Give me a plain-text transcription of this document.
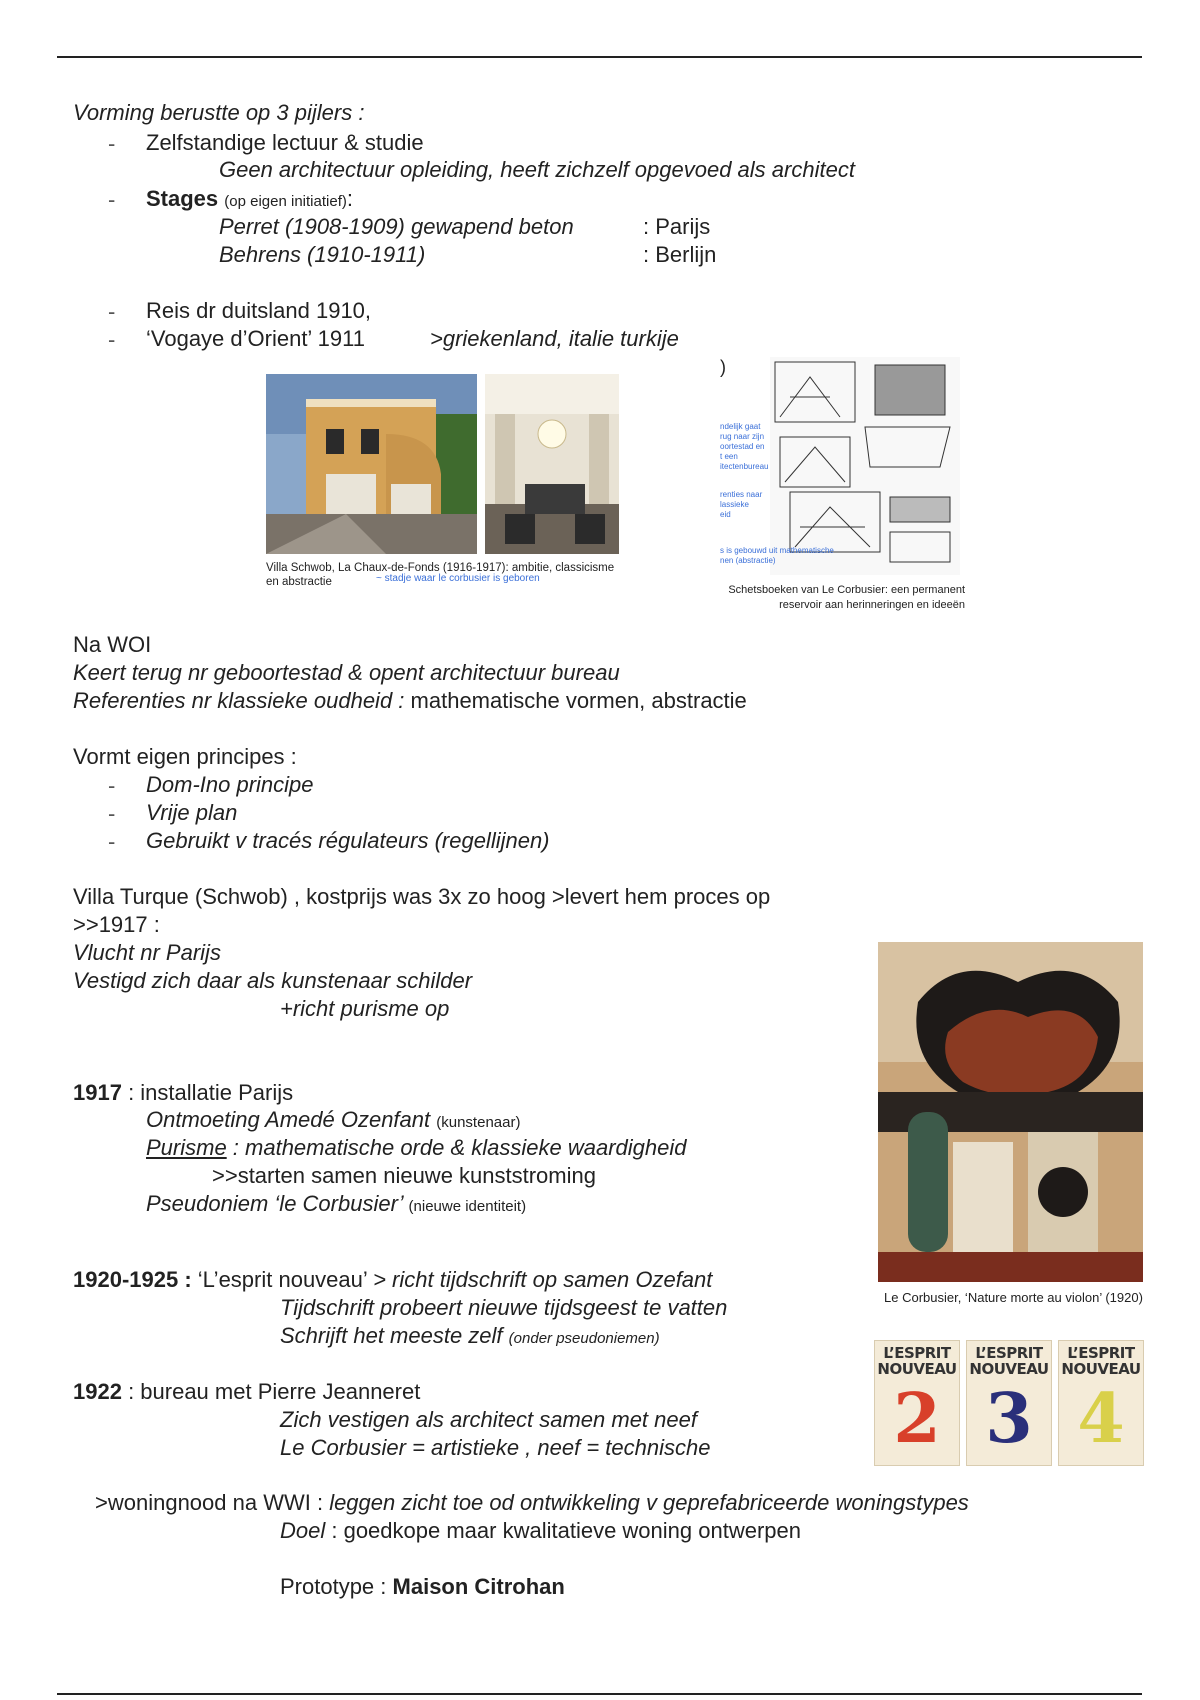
Vorming berustte op 3 pijlers :
- Zelfstandige lectuur & studie
Geen architectuur opleiding, heeft zichzelf opgevoed als architect
- Stages (op eigen initiatief):
Perret (1908-1909) gewapend beton	: Parijs
Behrens (1910-1911)	: Berlijn
- Reis dr duitsland 1910,
- ‘Vogaye d’Orient’ 1911	>griekenland, italie turkije
Villa Schwob, La Chaux-de-Fonds (1916-1917): ambitie, classicisme en abstractie	~ stadje waar le corbusier is geboren
)
ndelijk gaat
rug naar zijn
oortestad en
t een
itectenbureau
renties naar
lassieke
eid
s is gebouwd uit mathematische
nen (abstractie)
Schetsboeken van Le Corbusier: een permanent reservoir aan herinneringen en ideeën
Na WOI
Keert terug nr geboortestad & opent architectuur bureau
Referenties nr klassieke oudheid : mathematische vormen, abstractie
Vormt eigen principes :
- Dom-Ino principe
- Vrije plan
- Gebruikt v tracés régulateurs (regellijnen)
Villa Turque (Schwob) , kostprijs was 3x zo hoog >levert hem proces op
>>1917 :
Vlucht nr Parijs
Vestigd zich daar als kunstenaar schilder
+richt purisme op
Le Corbusier, ‘Nature morte au violon’ (1920)
1917 : installatie Parijs
Ontmoeting Amedé Ozenfant (kunstenaar)
Purisme : mathematische orde & klassieke waardigheid
>>starten samen nieuwe kunststroming
Pseudoniem ‘le Corbusier’ (nieuwe identiteit)
1920-1925 : ‘L’esprit nouveau’ > richt tijdschrift op samen Ozefant
Tijdschrift probeert nieuwe tijdsgeest te vatten
Schrijft het meeste zelf (onder pseudoniemen)
L’ESPRIT NOUVEAU
2
L’ESPRIT NOUVEAU
3
L’ESPRIT NOUVEAU
4
1922 : bureau met Pierre Jeanneret
Zich vestigen als architect samen met neef
Le Corbusier = artistieke , neef = technische
>woningnood na WWI : leggen zicht toe od ontwikkeling v geprefabriceerde woningstypes
Doel : goedkope maar kwalitatieve woning ontwerpen
Prototype : Maison Citrohan
